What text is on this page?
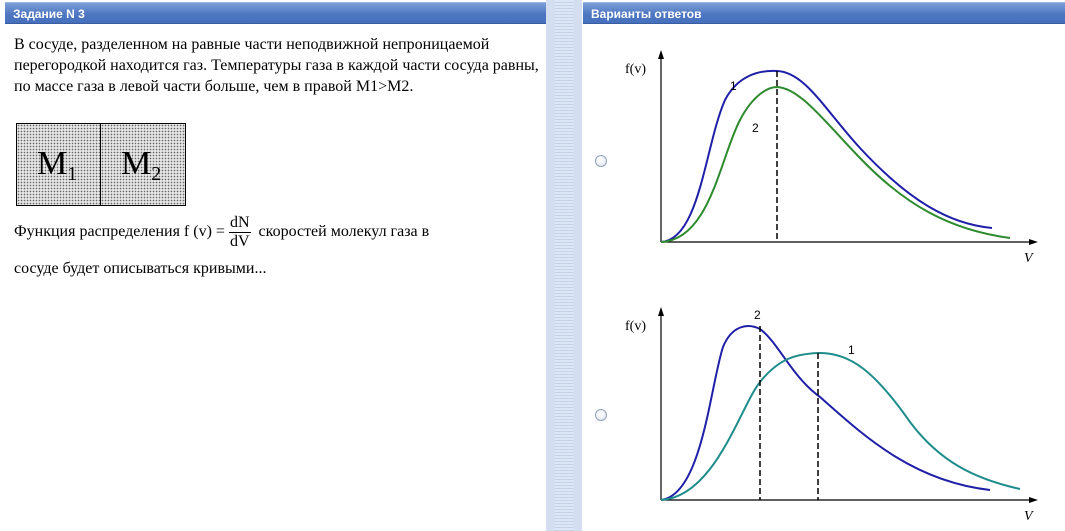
Задание N 3	Варианты ответов

В сосуде, разделенном на равные части неподвижной непроницаемой перегородкой находится газ. Температуры газа в каждой части сосуда равны, по массе газа в левой части больше, чем в правой M1>M2.

$M_1$ $M_2$
Функция распределения f $(v) = \frac{dN}{dV}$ скоростей молекул газа в
сосуде будет описываться кривыми...
f(v)
V
1
2
f(v)
V
2
1
